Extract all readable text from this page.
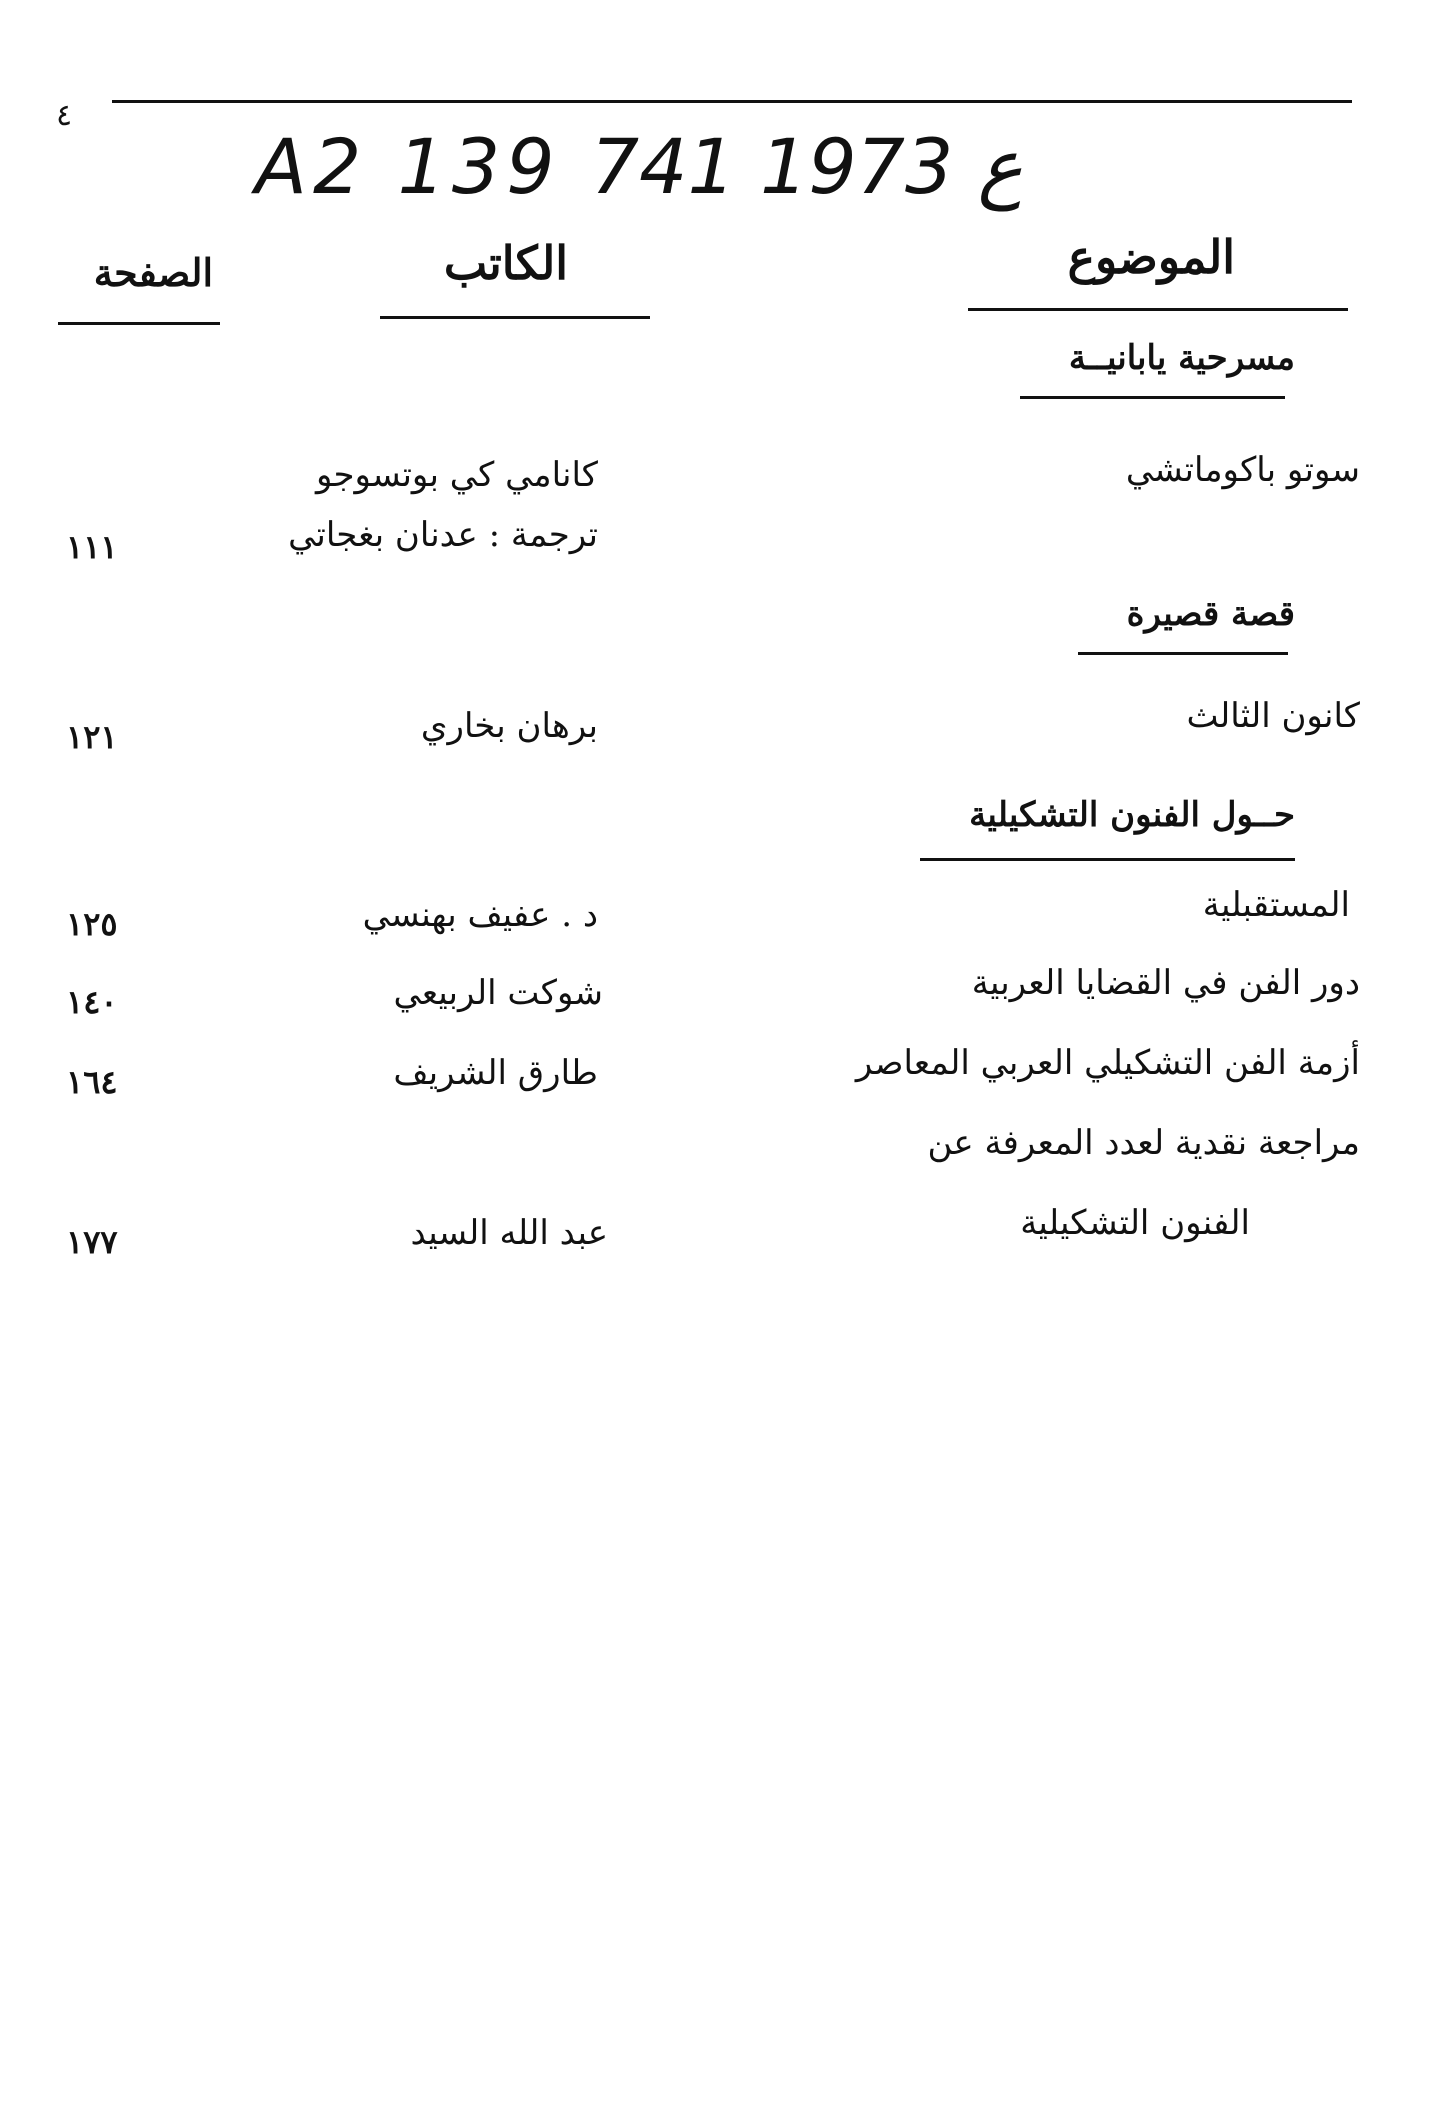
٤
A2 139 ع 1973 741
الموضوع
الكاتب
الصفحة
مسرحية يابانيــة
سوتو باكوماتشي
كانامي كي بوتسوجو
ترجمة : عدنان بغجاتي
١١١
قصة قصيرة
كانون الثالث
برهان بخاري
١٢١
حــول الفنون التشكيلية
المستقبلية
د . عفيف بهنسي
١٢٥
دور الفن في القضايا العربية
شوكت الربيعي
١٤٠
أزمة الفن التشكيلي العربي المعاصر
طارق الشريف
١٦٤
مراجعة نقدية لعدد المعرفة عن
الفنون التشكيلية
عبد الله السيد
١٧٧
